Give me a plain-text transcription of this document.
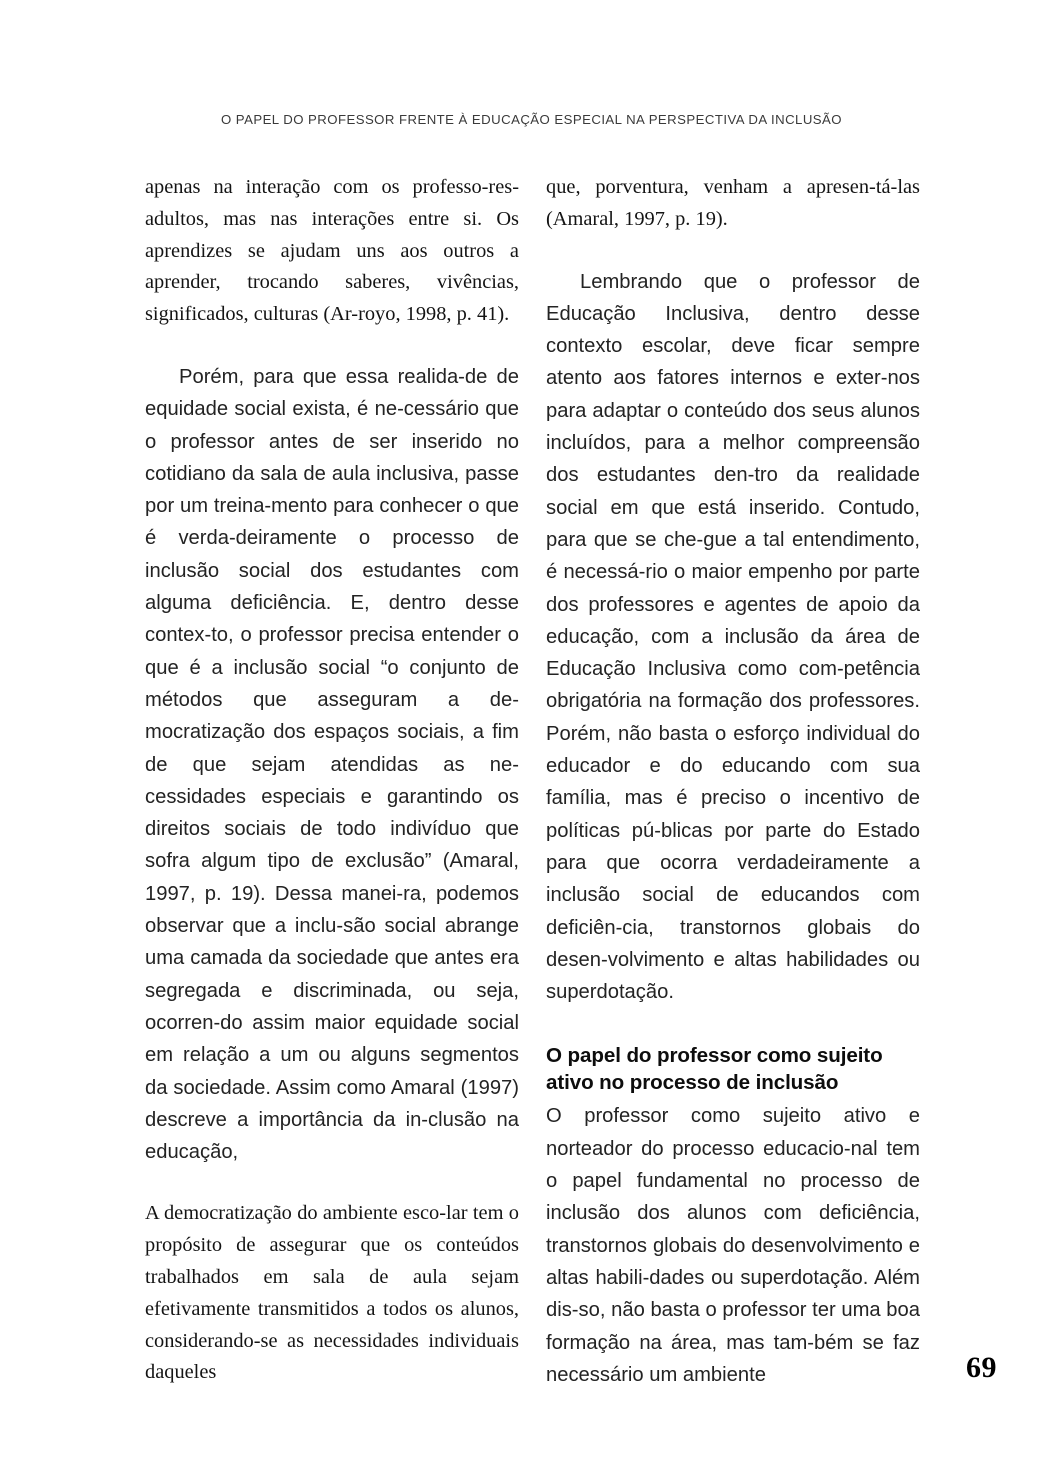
O PAPEL DO PROFESSOR FRENTE À EDUCAÇÃO ESPECIAL NA PERSPECTIVA DA INCLUSÃO

apenas na interação com os professo-res-adultos, mas nas interações entre si. Os aprendizes se ajudam uns aos outros a aprender, trocando saberes, vivências, significados, culturas (Ar-royo, 1998, p. 41).

Porém, para que essa realida-de de equidade social exista, é ne-cessário que o professor antes de ser inserido no cotidiano da sala de aula inclusiva, passe por um treina-mento para conhecer o que é verda-deiramente o processo de inclusão social dos estudantes com alguma deficiência. E, dentro desse contex-to, o professor precisa entender o que é a inclusão social “o conjunto de métodos que asseguram a de-mocratização dos espaços sociais, a fim de que sejam atendidas as ne-cessidades especiais e garantindo os direitos sociais de todo indivíduo que sofra algum tipo de exclusão” (Amaral, 1997, p. 19). Dessa manei-ra, podemos observar que a inclu-são social abrange uma camada da sociedade que antes era segregada e discriminada, ou seja, ocorren-do assim maior equidade social em relação a um ou alguns segmentos da sociedade. Assim como Amaral (1997) descreve a importância da in-clusão na educação,

A democratização do ambiente esco-lar tem o propósito de assegurar que os conteúdos trabalhados em sala de aula sejam efetivamente transmitidos a todos os alunos, considerando-se as necessidades individuais daqueles

que, porventura, venham a apresen-tá-las (Amaral, 1997, p. 19).

Lembrando que o professor de Educação Inclusiva, dentro desse contexto escolar, deve ficar sempre atento aos fatores internos e exter-nos para adaptar o conteúdo dos seus alunos incluídos, para a melhor compreensão dos estudantes den-tro da realidade social em que está inserido. Contudo, para que se che-gue a tal entendimento, é necessá-rio o maior empenho por parte dos professores e agentes de apoio da educação, com a inclusão da área de Educação Inclusiva como com-petência obrigatória na formação dos professores. Porém, não basta o esforço individual do educador e do educando com sua família, mas é preciso o incentivo de políticas pú-blicas por parte do Estado para que ocorra verdadeiramente a inclusão social de educandos com deficiên-cia, transtornos globais do desen-volvimento e altas habilidades ou superdotação.

O papel do professor como sujeito ativo no processo de inclusão

O professor como sujeito ativo e norteador do processo educacio-nal tem o papel fundamental no processo de inclusão dos alunos com deficiência, transtornos globais do desenvolvimento e altas habili-dades ou superdotação. Além dis-so, não basta o professor ter uma boa formação na área, mas tam-bém se faz necessário um ambiente	69
